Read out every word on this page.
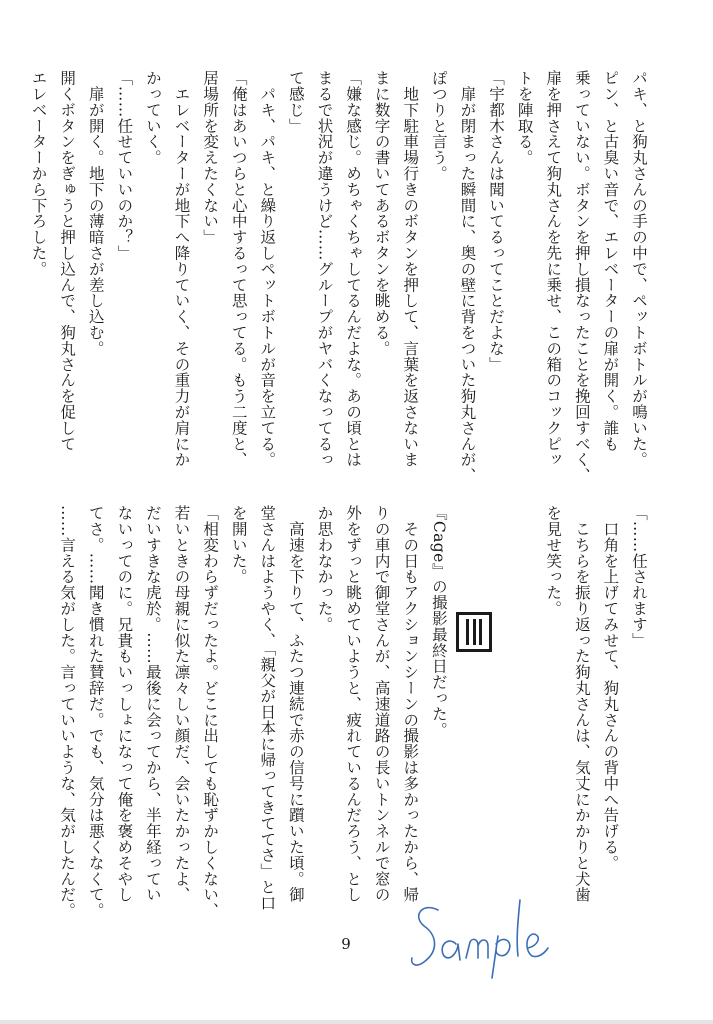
パキ、と狗丸さんの手の中で、ペットボトルが鳴いた。

ピン、と古臭い音で、エレベーターの扉が開く。誰も

乗っていない。ボタンを押し損なったことを挽回すべく、

扉を押さえて狗丸さんを先に乗せ、この箱のコックピッ

トを陣取る。

「宇都木さんは聞いてるってことだよな」

　扉が閉まった瞬間に、奥の壁に背をついた狗丸さんが、

ぽつりと言う。

　地下駐車場行きのボタンを押して、言葉を返さないま

まに数字の書いてあるボタンを眺める。

「嫌な感じ。めちゃくちゃしてるんだよな。あの頃とは

まるで状況が違うけど……グループがヤバくなってるっ

て感じ」

　パキ、パキ、と繰り返しペットボトルが音を立てる。

「俺はあいつらと心中するって思ってる。もう二度と、

居場所を変えたくない」

　エレベーターが地下へ降りていく、その重力が肩にか

かっていく。

「……任せていいのか？」

　扉が開く。地下の薄暗さが差し込む。

開くボタンをぎゅうと押し込んで、狗丸さんを促して

エレベーターから下ろした。

「……任されます」

　口角を上げてみせて、狗丸さんの背中へ告げる。

　こちらを振り返った狗丸さんは、気丈にかかりと犬歯

を見せ笑った。

『Cage』の撮影最終日だった。

　その日もアクションシーンの撮影は多かったから、帰

りの車内で御堂さんが、高速道路の長いトンネルで窓の

外をずっと眺めていようと、疲れているんだろう、とし

か思わなかった。

　高速を下りて、ふたつ連続で赤の信号に躓いた頃。御

堂さんはようやく、「親父が日本に帰ってきててさ」と口

を開いた。

「相変わらずだったよ。どこに出しても恥ずかしくない、

若いときの母親に似た凛々しい顔だ、会いたかったよ、

だいすきな虎於。……最後に会ってから、半年経ってい

ないってのに。兄貴もいっしょになって俺を褒めそやし

てさ。……聞き慣れた賛辞だ。でも、気分は悪くなくて。

……言える気がした。言っていいような、気がしたんだ。

9
